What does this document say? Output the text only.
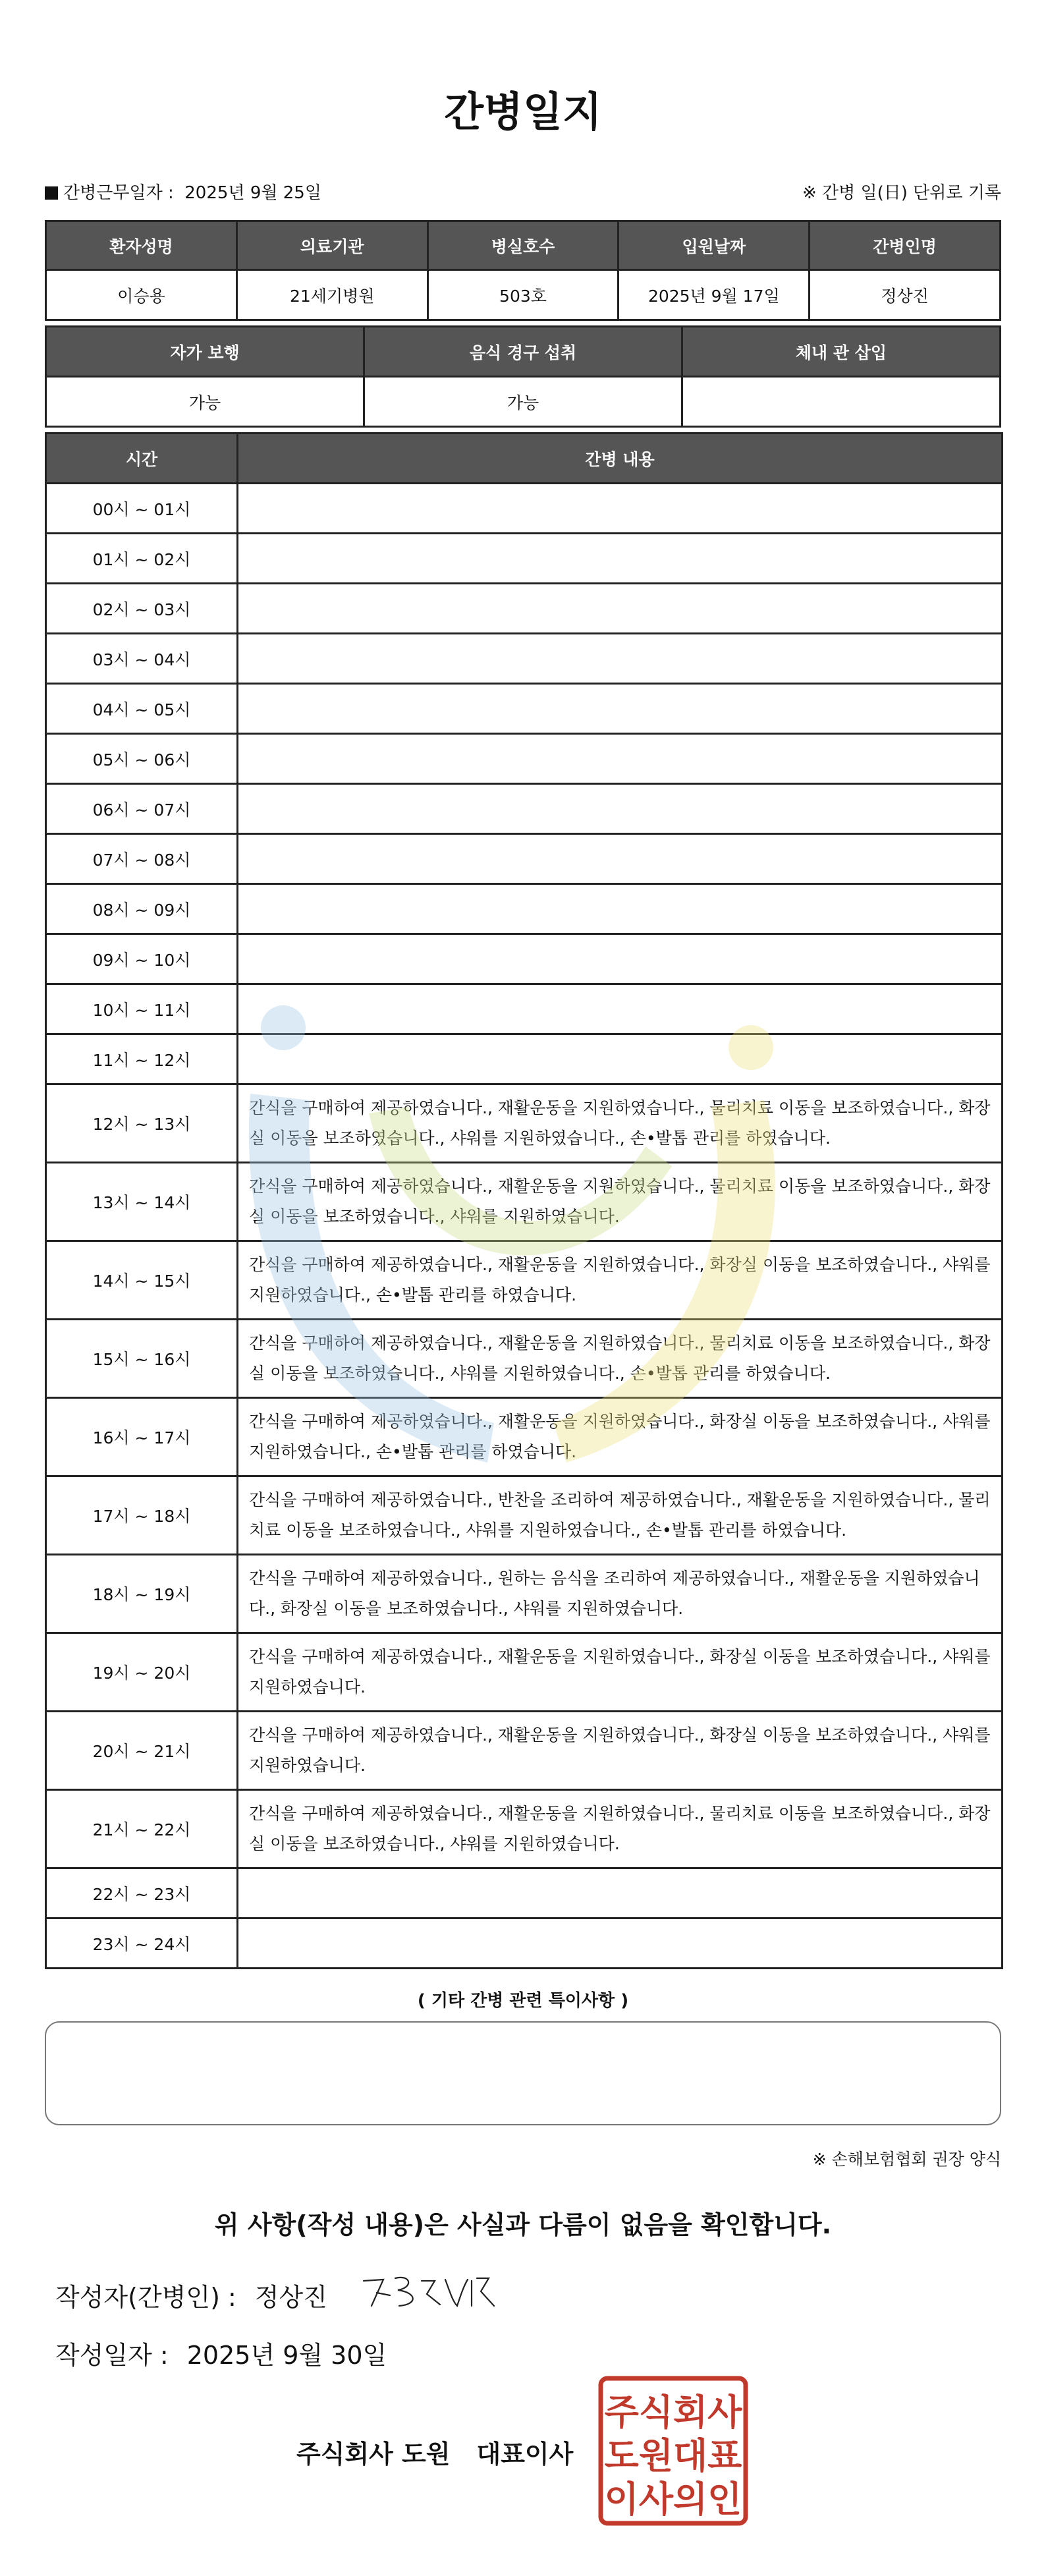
간병일지
간병근무일자 : 2025년 9월 25일	※ 간병 일(日) 단위로 기록
환자성명	의료기관	병실호수	입원날짜	간병인명
이승용	21세기병원	503호	2025년 9월 17일	정상진
자가 보행	음식 경구 섭취	체내 관 삽입
가능	가능	
시간	간병 내용
00시 ~ 01시	
01시 ~ 02시	
02시 ~ 03시	
03시 ~ 04시	
04시 ~ 05시	
05시 ~ 06시	
06시 ~ 07시	
07시 ~ 08시	
08시 ~ 09시	
09시 ~ 10시	
10시 ~ 11시	
11시 ~ 12시	
12시 ~ 13시	간식을 구매하여 제공하였습니다., 재활운동을 지원하였습니다., 물리치료 이동을 보조하였습니다., 화장실 이동을 보조하였습니다., 샤워를 지원하였습니다., 손•발톱 관리를 하였습니다.
13시 ~ 14시	간식을 구매하여 제공하였습니다., 재활운동을 지원하였습니다., 물리치료 이동을 보조하였습니다., 화장실 이동을 보조하였습니다., 샤워를 지원하였습니다.
14시 ~ 15시	간식을 구매하여 제공하였습니다., 재활운동을 지원하였습니다., 화장실 이동을 보조하였습니다., 샤워를 지원하였습니다., 손•발톱 관리를 하였습니다.
15시 ~ 16시	간식을 구매하여 제공하였습니다., 재활운동을 지원하였습니다., 물리치료 이동을 보조하였습니다., 화장실 이동을 보조하였습니다., 샤워를 지원하였습니다., 손•발톱 관리를 하였습니다.
16시 ~ 17시	간식을 구매하여 제공하였습니다., 재활운동을 지원하였습니다., 화장실 이동을 보조하였습니다., 샤워를 지원하였습니다., 손•발톱 관리를 하였습니다.
17시 ~ 18시	간식을 구매하여 제공하였습니다., 반찬을 조리하여 제공하였습니다., 재활운동을 지원하였습니다., 물리치료 이동을 보조하였습니다., 샤워를 지원하였습니다., 손•발톱 관리를 하였습니다.
18시 ~ 19시	간식을 구매하여 제공하였습니다., 원하는 음식을 조리하여 제공하였습니다., 재활운동을 지원하였습니다., 화장실 이동을 보조하였습니다., 샤워를 지원하였습니다.
19시 ~ 20시	간식을 구매하여 제공하였습니다., 재활운동을 지원하였습니다., 화장실 이동을 보조하였습니다., 샤워를 지원하였습니다.
20시 ~ 21시	간식을 구매하여 제공하였습니다., 재활운동을 지원하였습니다., 화장실 이동을 보조하였습니다., 샤워를 지원하였습니다.
21시 ~ 22시	간식을 구매하여 제공하였습니다., 재활운동을 지원하였습니다., 물리치료 이동을 보조하였습니다., 화장실 이동을 보조하였습니다., 샤워를 지원하였습니다.
22시 ~ 23시	
23시 ~ 24시	
( 기타 간병 관련 특이사항 )
※ 손해보험협회 권장 양식
위 사항(작성 내용)은 사실과 다름이 없음을 확인합니다.
작성자(간병인) : 정상진
작성일자 : 2025년 9월 30일
주식회사 도원 대표이사
주식회사
도원대표
이사의인
